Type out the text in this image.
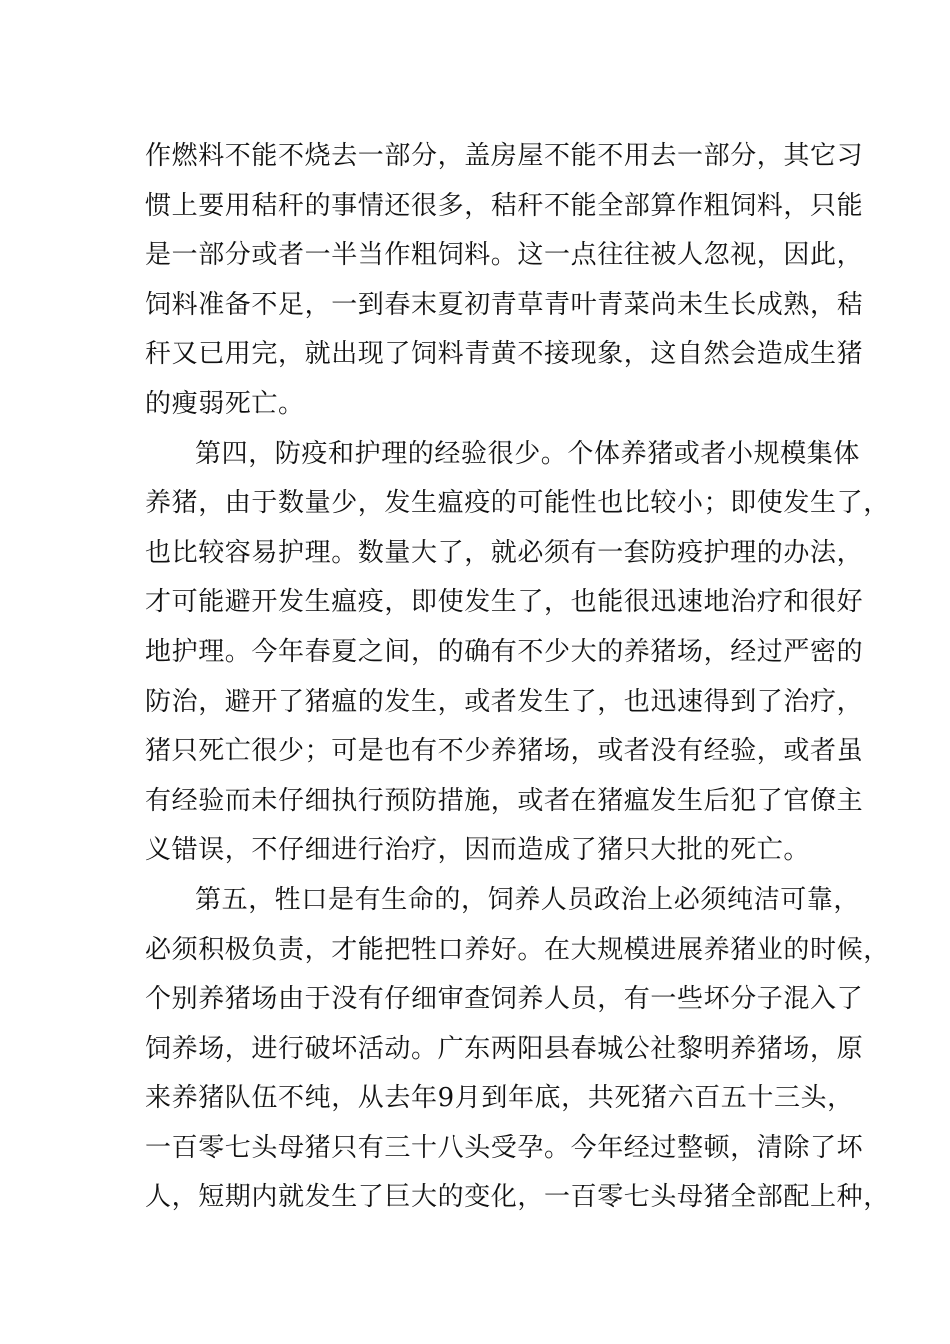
作燃料不能不烧去一部分，盖房屋不能不用去一部分，其它习
惯上要用秸秆的事情还很多，秸秆不能全部算作粗饲料，只能
是一部分或者一半当作粗饲料。这一点往往被人忽视，因此，
饲料准备不足，一到春末夏初青草青叶青菜尚未生长成熟，秸
秆又已用完，就出现了饲料青黄不接现象，这自然会造成生猪
的瘦弱死亡。
第四，防疫和护理的经验很少。个体养猪或者小规模集体
养猪，由于数量少，发生瘟疫的可能性也比较小；即使发生了，
也比较容易护理。数量大了，就必须有一套防疫护理的办法，
才可能避开发生瘟疫，即使发生了，也能很迅速地治疗和很好
地护理。今年春夏之间，的确有不少大的养猪场，经过严密的
防治，避开了猪瘟的发生，或者发生了，也迅速得到了治疗，
猪只死亡很少；可是也有不少养猪场，或者没有经验，或者虽
有经验而未仔细执行预防措施，或者在猪瘟发生后犯了官僚主
义错误，不仔细进行治疗，因而造成了猪只大批的死亡。
第五，牲口是有生命的，饲养人员政治上必须纯洁可靠，
必须积极负责，才能把牲口养好。在大规模进展养猪业的时候，
个别养猪场由于没有仔细审查饲养人员，有一些坏分子混入了
饲养场，进行破坏活动。广东两阳县春城公社黎明养猪场，原
来养猪队伍不纯，从去年9月到年底，共死猪六百五十三头，
一百零七头母猪只有三十八头受孕。今年经过整顿，清除了坏
人，短期内就发生了巨大的变化，一百零七头母猪全部配上种，
